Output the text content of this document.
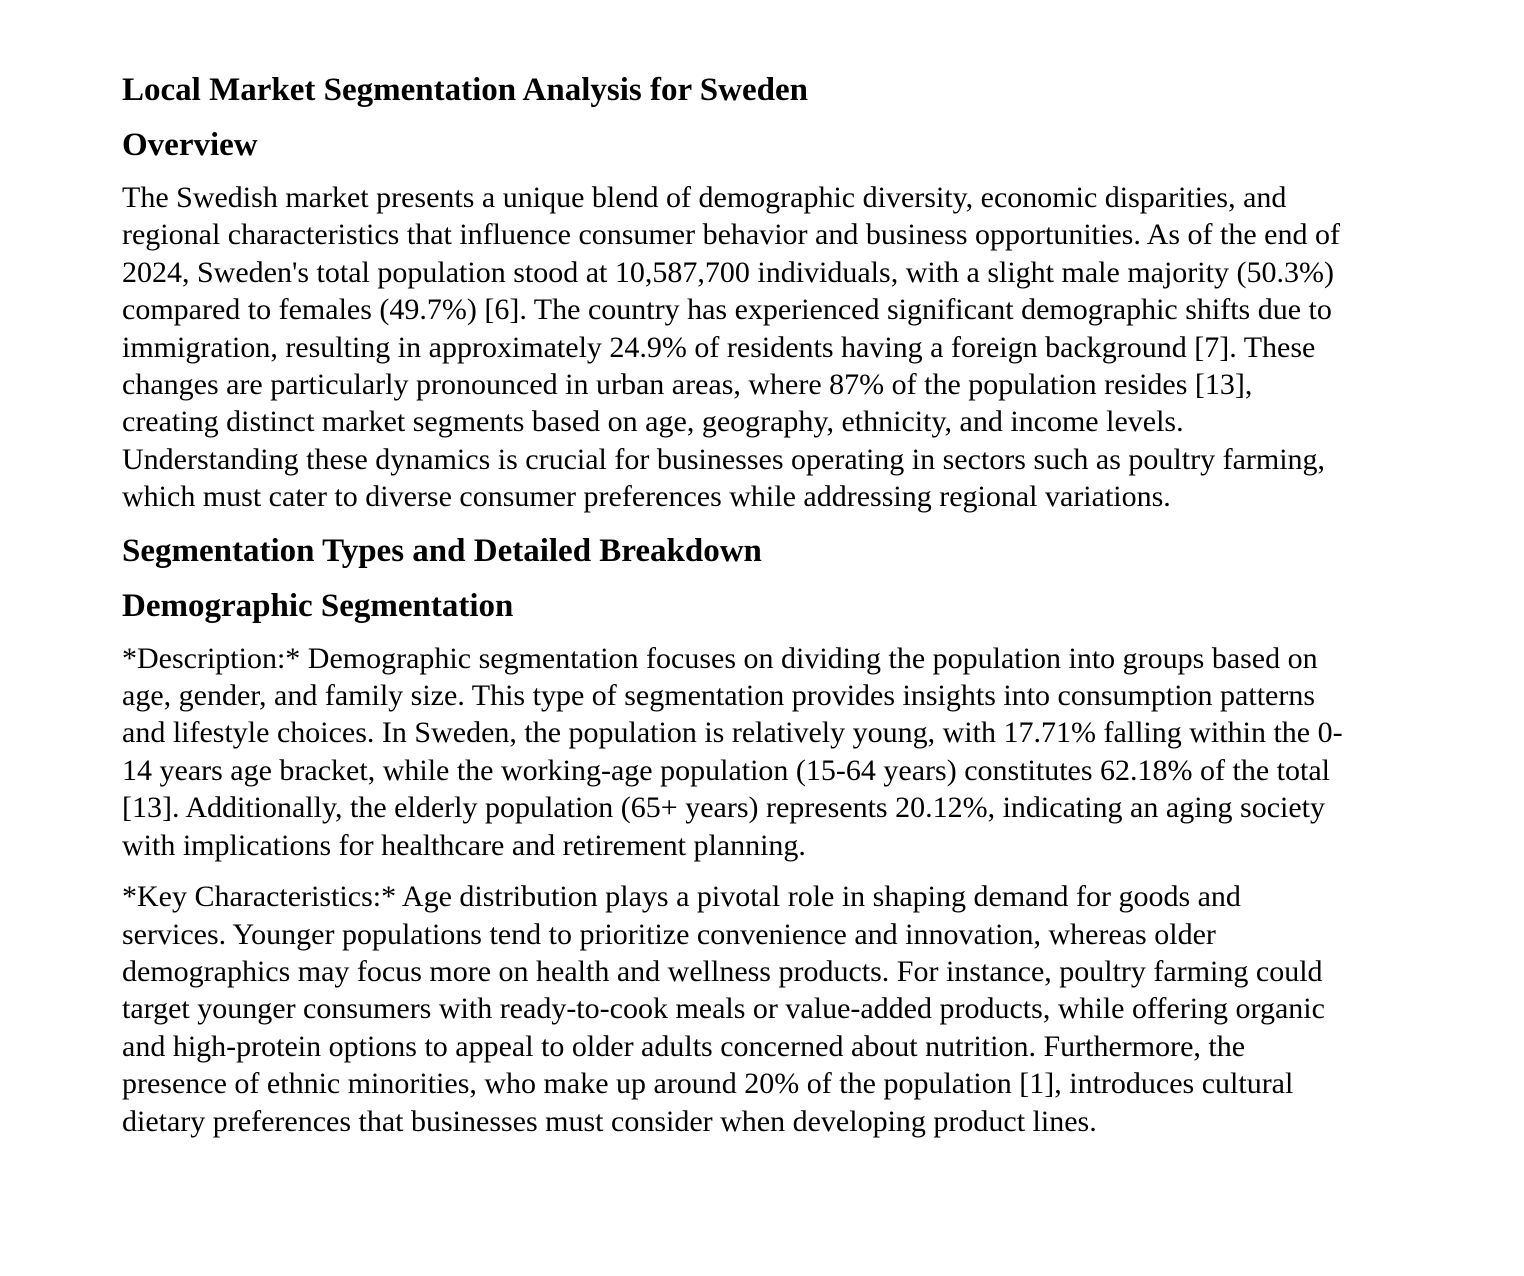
Local Market Segmentation Analysis for Sweden
Overview

The Swedish market presents a unique blend of demographic diversity, economic disparities, and regional characteristics that influence consumer behavior and business opportunities. As of the end of 2024, Sweden's total population stood at 10,587,700 individuals, with a slight male majority (50.3%) compared to females (49.7%) [6]. The country has experienced significant demographic shifts due to immigration, resulting in approximately 24.9% of residents having a foreign background [7]. These changes are particularly pronounced in urban areas, where 87% of the population resides [13], creating distinct market segments based on age, geography, ethnicity, and income levels. Understanding these dynamics is crucial for businesses operating in sectors such as poultry farming, which must cater to diverse consumer preferences while addressing regional variations.

Segmentation Types and Detailed Breakdown
Demographic Segmentation

*Description:* Demographic segmentation focuses on dividing the population into groups based on age, gender, and family size. This type of segmentation provides insights into consumption patterns and lifestyle choices. In Sweden, the population is relatively young, with 17.71% falling within the 0-14 years age bracket, while the working-age population (15-64 years) constitutes 62.18% of the total [13]. Additionally, the elderly population (65+ years) represents 20.12%, indicating an aging society with implications for healthcare and retirement planning.

*Key Characteristics:* Age distribution plays a pivotal role in shaping demand for goods and services. Younger populations tend to prioritize convenience and innovation, whereas older demographics may focus more on health and wellness products. For instance, poultry farming could target younger consumers with ready-to-cook meals or value-added products, while offering organic and high-protein options to appeal to older adults concerned about nutrition. Furthermore, the presence of ethnic minorities, who make up around 20% of the population [1], introduces cultural dietary preferences that businesses must consider when developing product lines.
